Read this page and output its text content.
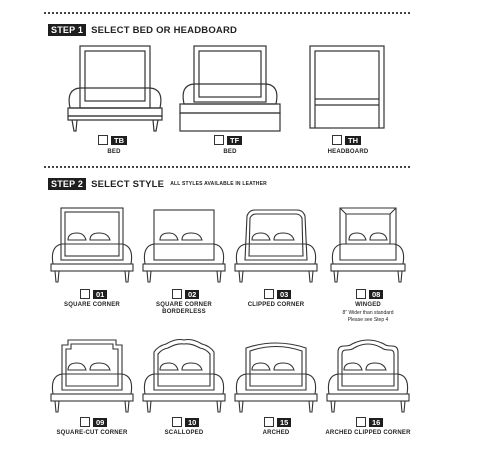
STEP 1 SELECT BED OR HEADBOARD
TB
BED
TF
BED
TH
HEADBOARD
STEP 2 SELECT STYLE ALL STYLES AVAILABLE IN LEATHER
01
SQUARE CORNER
02
SQUARE CORNER
BORDERLESS
03
CLIPPED CORNER
08
WINGED
8" Wider than standard
Please see Step 4
09
SQUARE-CUT CORNER
10
SCALLOPED
15
ARCHED
16
ARCHED CLIPPED CORNER
